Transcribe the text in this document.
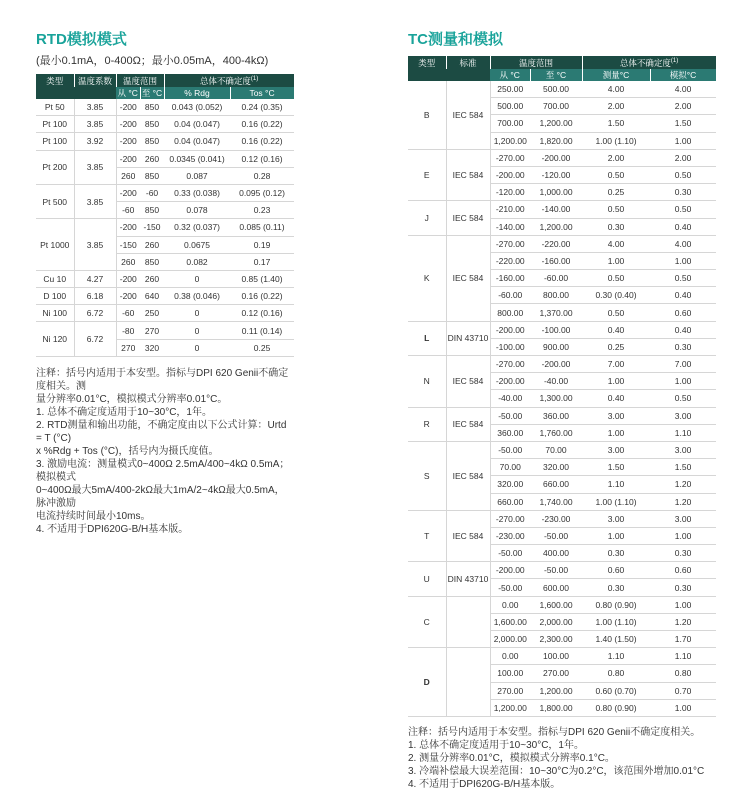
RTD模拟模式
(最小0.1mA，0-400Ω；最小0.05mA，400-4kΩ)
类型	温度系数	温度范围		总体不确定度$^{(1)}$
		从 °C	至 °C	% Rdg	Tos °C
Pt 50	3.85	-200	850	0.043 (0.052)	0.24 (0.35)
Pt 100	3.85	-200	850	0.04 (0.047)	0.16 (0.22)
Pt 100	3.92	-200	850	0.04 (0.047)	0.16 (0.22)
Pt 200	3.85	-200	260	0.0345 (0.041)	0.12 (0.16)
		260	850	0.087	0.28
Pt 500	3.85	-200	-60	0.33 (0.038)	0.095 (0.12)
		-60	850	0.078	0.23
Pt 1000	3.85	-200	-150	0.32 (0.037)	0.085 (0.11)
		-150	260	0.0675	0.19
		260	850	0.082	0.17
Cu 10	4.27	-200	260	0	0.85 (1.40)
D 100	6.18	-200	640	0.38 (0.046)	0.16 (0.22)
Ni 100	6.72	-60	250	0	0.12 (0.16)
Ni 120	6.72	-80	270	0	0.11 (0.14)
		270	320	0	0.25

注释：括号内适用于本安型。指标与DPI 620 Genii不确定度相关。测

量分辨率0.01°C，模拟模式分辨率0.01°C。

1. 总体不确定度适用于10~30°C，1年。

2. RTD测量和输出功能，不确定度由以下公式计算：Urtd = T (°C)

x %Rdg + Tos (°C)，括号内为摄氏度值。

3. 激励电流：测量模式0~400Ω 2.5mA/400~4kΩ 0.5mA；模拟模式

0~400Ω最大5mA/400-2kΩ最大1mA/2~4kΩ最大0.5mA，脉冲激励

电流持续时间最小10ms。

4. 不适用于DPI620G-B/H基本版。

TC测量和模拟
类型	标准	温度范围		总体不确定度$^{(1)}$
		从 °C	至 °C	测量°C	模拟°C
B	IEC 584	250.00	500.00	4.00	4.00
		500.00	700.00	2.00	2.00
		700.00	1,200.00	1.50	1.50
		1,200.00	1,820.00	1.00 (1.10)	1.00
E	IEC 584	-270.00	-200.00	2.00	2.00
		-200.00	-120.00	0.50	0.50
		-120.00	1,000.00	0.25	0.30
J	IEC 584	-210.00	-140.00	0.50	0.50
		-140.00	1,200.00	0.30	0.40
K	IEC 584	-270.00	-220.00	4.00	4.00
		-220.00	-160.00	1.00	1.00
		-160.00	-60.00	0.50	0.50
		-60.00	800.00	0.30 (0.40)	0.40
		800.00	1,370.00	0.50	0.60
L	DIN 43710	-200.00	-100.00	0.40	0.40
		-100.00	900.00	0.25	0.30
N	IEC 584	-270.00	-200.00	7.00	7.00
		-200.00	-40.00	1.00	1.00
		-40.00	1,300.00	0.40	0.50
R	IEC 584	-50.00	360.00	3.00	3.00
		360.00	1,760.00	1.00	1.10
S	IEC 584	-50.00	70.00	3.00	3.00
		70.00	320.00	1.50	1.50
		320.00	660.00	1.10	1.20
		660.00	1,740.00	1.00 (1.10)	1.20
T	IEC 584	-270.00	-230.00	3.00	3.00
		-230.00	-50.00	1.00	1.00
		-50.00	400.00	0.30	0.30
U	DIN 43710	-200.00	-50.00	0.60	0.60
		-50.00	600.00	0.30	0.30
C		0.00	1,600.00	0.80 (0.90)	1.00
		1,600.00	2,000.00	1.00 (1.10)	1.20
		2,000.00	2,300.00	1.40 (1.50)	1.70
D		0.00	100.00	1.10	1.10
		100.00	270.00	0.80	0.80
		270.00	1,200.00	0.60 (0.70)	0.70
		1,200.00	1,800.00	0.80 (0.90)	1.00

注释：括号内适用于本安型。指标与DPI 620 Genii不确定度相关。

1. 总体不确定度适用于10~30°C，1年。

2. 测量分辨率0.01°C，模拟模式分辨率0.1°C。

3. 冷端补偿最大误差范围：10~30°C为0.2°C，该范围外增加0.01°C

4. 不适用于DPI620G-B/H基本版。
